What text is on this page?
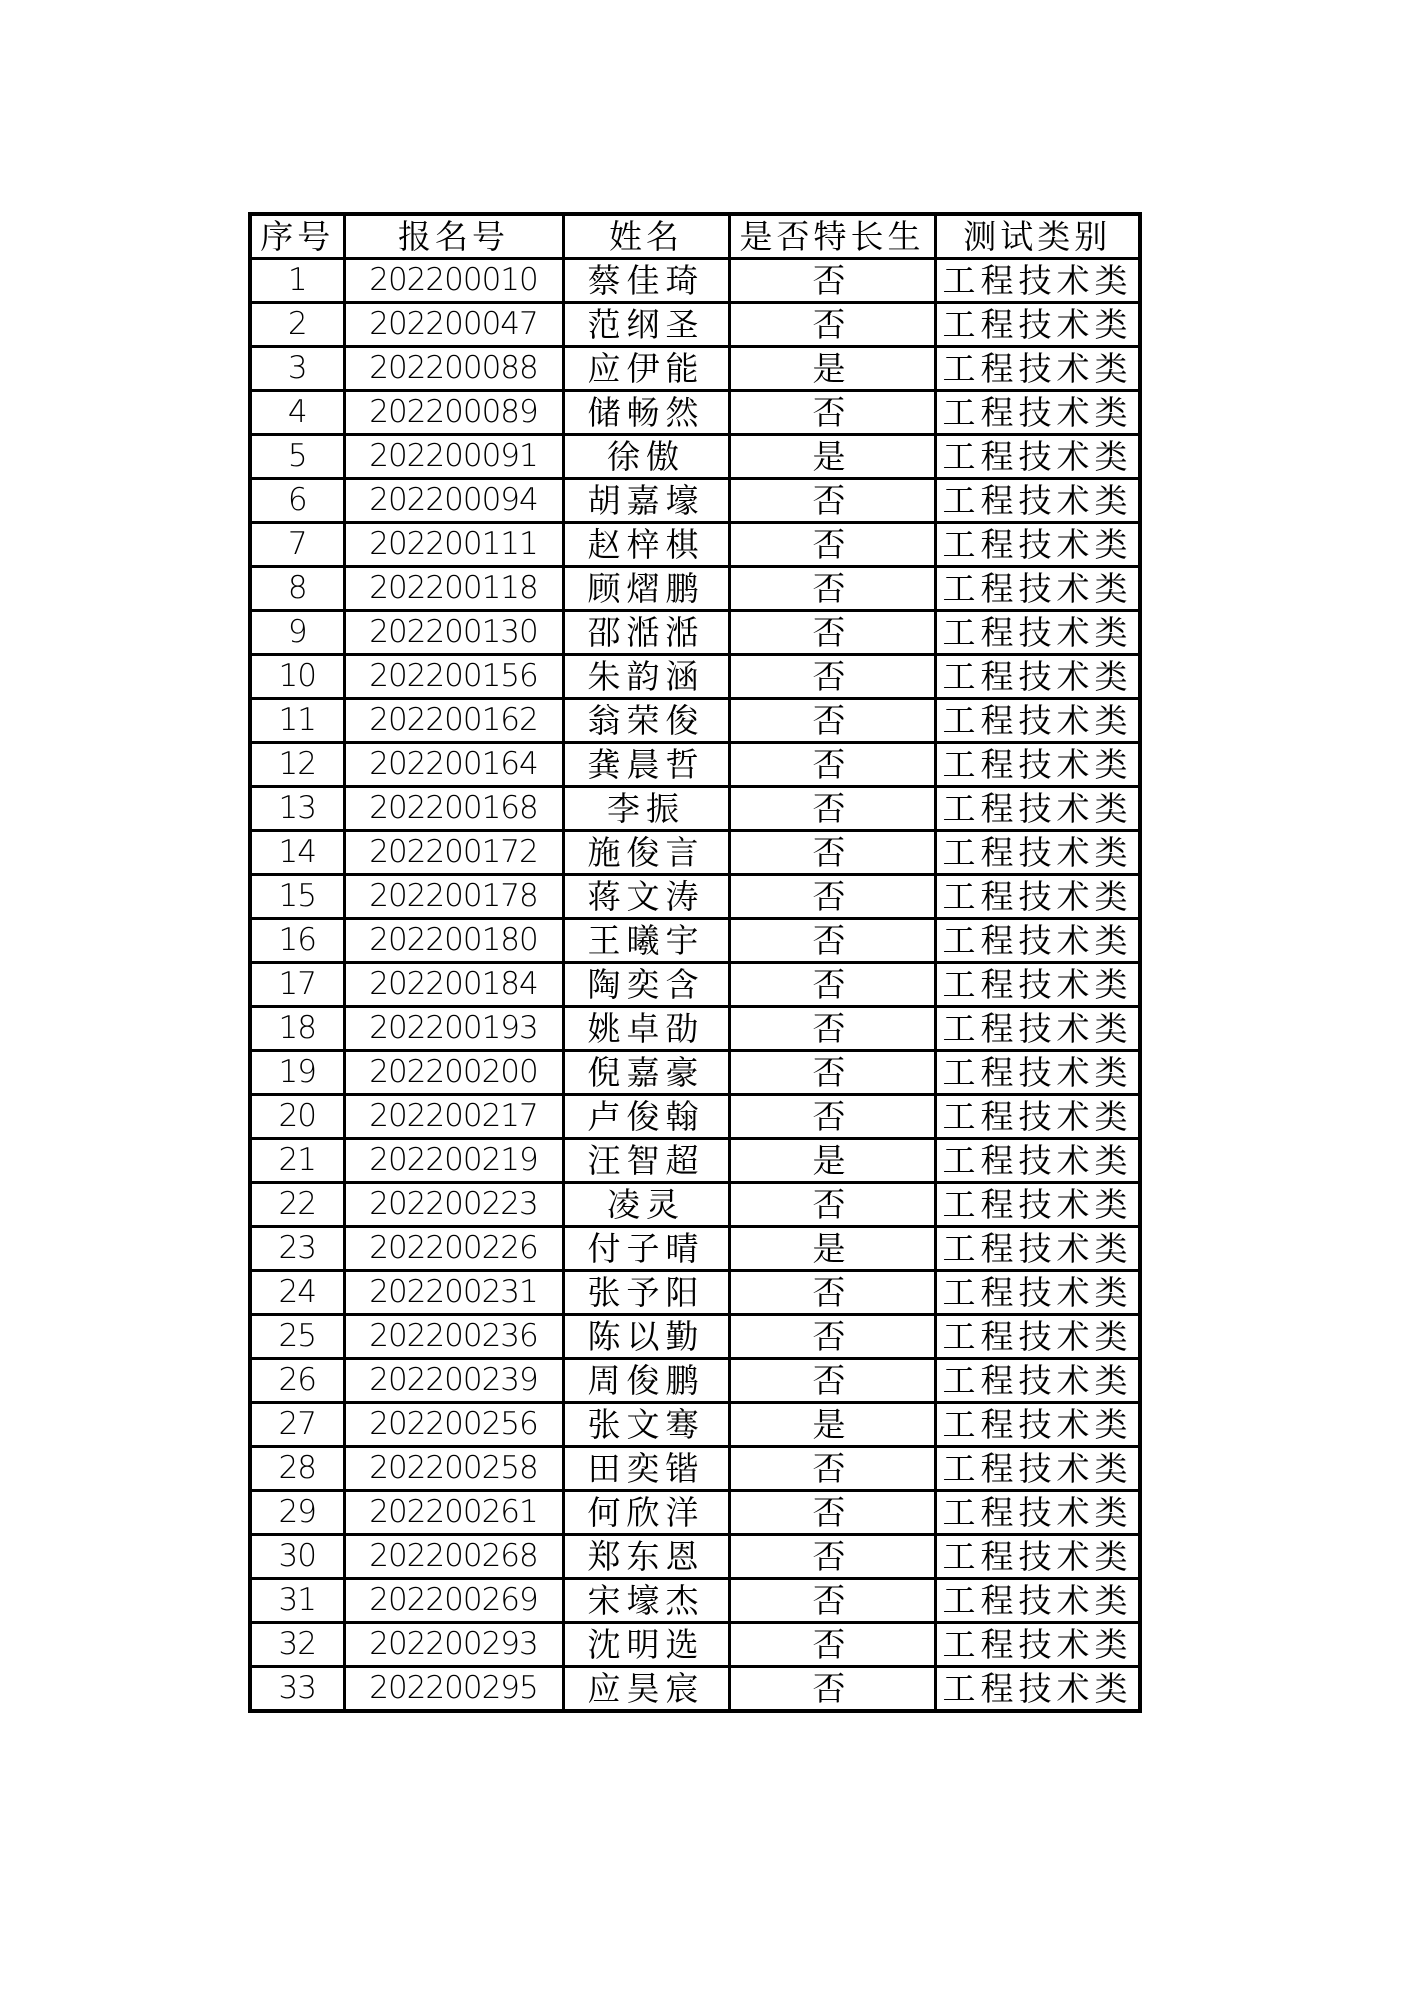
序号	报名号	姓名	是否特长生	测试类别
1	202200010	蔡佳琦	否	工程技术类
2	202200047	范纲圣	否	工程技术类
3	202200088	应伊能	是	工程技术类
4	202200089	储畅然	否	工程技术类
5	202200091	徐傲	是	工程技术类
6	202200094	胡嘉壕	否	工程技术类
7	202200111	赵梓棋	否	工程技术类
8	202200118	顾熠鹏	否	工程技术类
9	202200130	邵湉湉	否	工程技术类
10	202200156	朱韵涵	否	工程技术类
11	202200162	翁荣俊	否	工程技术类
12	202200164	龚晨哲	否	工程技术类
13	202200168	李振	否	工程技术类
14	202200172	施俊言	否	工程技术类
15	202200178	蒋文涛	否	工程技术类
16	202200180	王曦宇	否	工程技术类
17	202200184	陶奕含	否	工程技术类
18	202200193	姚卓劭	否	工程技术类
19	202200200	倪嘉豪	否	工程技术类
20	202200217	卢俊翰	否	工程技术类
21	202200219	汪智超	是	工程技术类
22	202200223	凌灵	否	工程技术类
23	202200226	付子晴	是	工程技术类
24	202200231	张予阳	否	工程技术类
25	202200236	陈以勤	否	工程技术类
26	202200239	周俊鹏	否	工程技术类
27	202200256	张文骞	是	工程技术类
28	202200258	田奕锴	否	工程技术类
29	202200261	何欣洋	否	工程技术类
30	202200268	郑东恩	否	工程技术类
31	202200269	宋壕杰	否	工程技术类
32	202200293	沈明选	否	工程技术类
33	202200295	应昊宸	否	工程技术类
